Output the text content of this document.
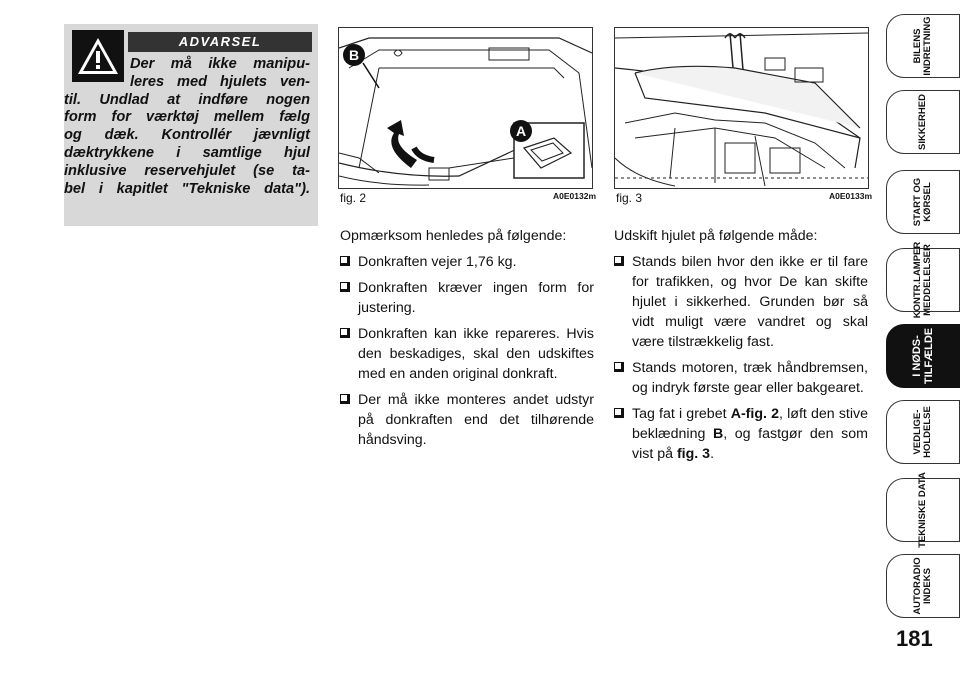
ADVARSEL
Der må ikke manipu-
leres med hjulets ven-
til. Undlad at indføre nogen
form for værktøj mellem fælg
og dæk. Kontrollér jævnligt
dæktrykkene i samtlige hjul
inklusive reservehjulet (se ta-
bel i kapitlet "Tekniske data").
B
A
fig. 2	A0E0132m fig. 3	A0E0133m

Opmærksom henledes på følgende:

Donkraften vejer 1,76 kg.
Donkraften kræver ingen form for justering.
Donkraften kan ikke repareres. Hvis den beskadiges, skal den udskiftes med en anden original donkraft.
Der må ikke monteres andet udstyr på donkraften end det tilhørende håndsving.

Udskift hjulet på følgende måde:

Stands bilen hvor den ikke er til fare for trafikken, og hvor De kan skifte hjulet i sikkerhed. Grunden bør så vidt muligt være vandret og skal være tilstrækkelig fast.
Stands motoren, træk håndbremsen, og indryk første gear eller bakgearet.
Tag fat i grebet A-fig. 2, løft den stive beklædning B, og fastgør den som vist på fig. 3.
BILENS
INDRETNING
SIKKERHED
START OG
KØRSEL
KONTR.LAMPER
MEDDELELSER
I NØDS-
TILFÆLDE
VEDLIGE-
HOLDELSE
TEKNISKE DATA
AUTORADIO
INDEKS
181
